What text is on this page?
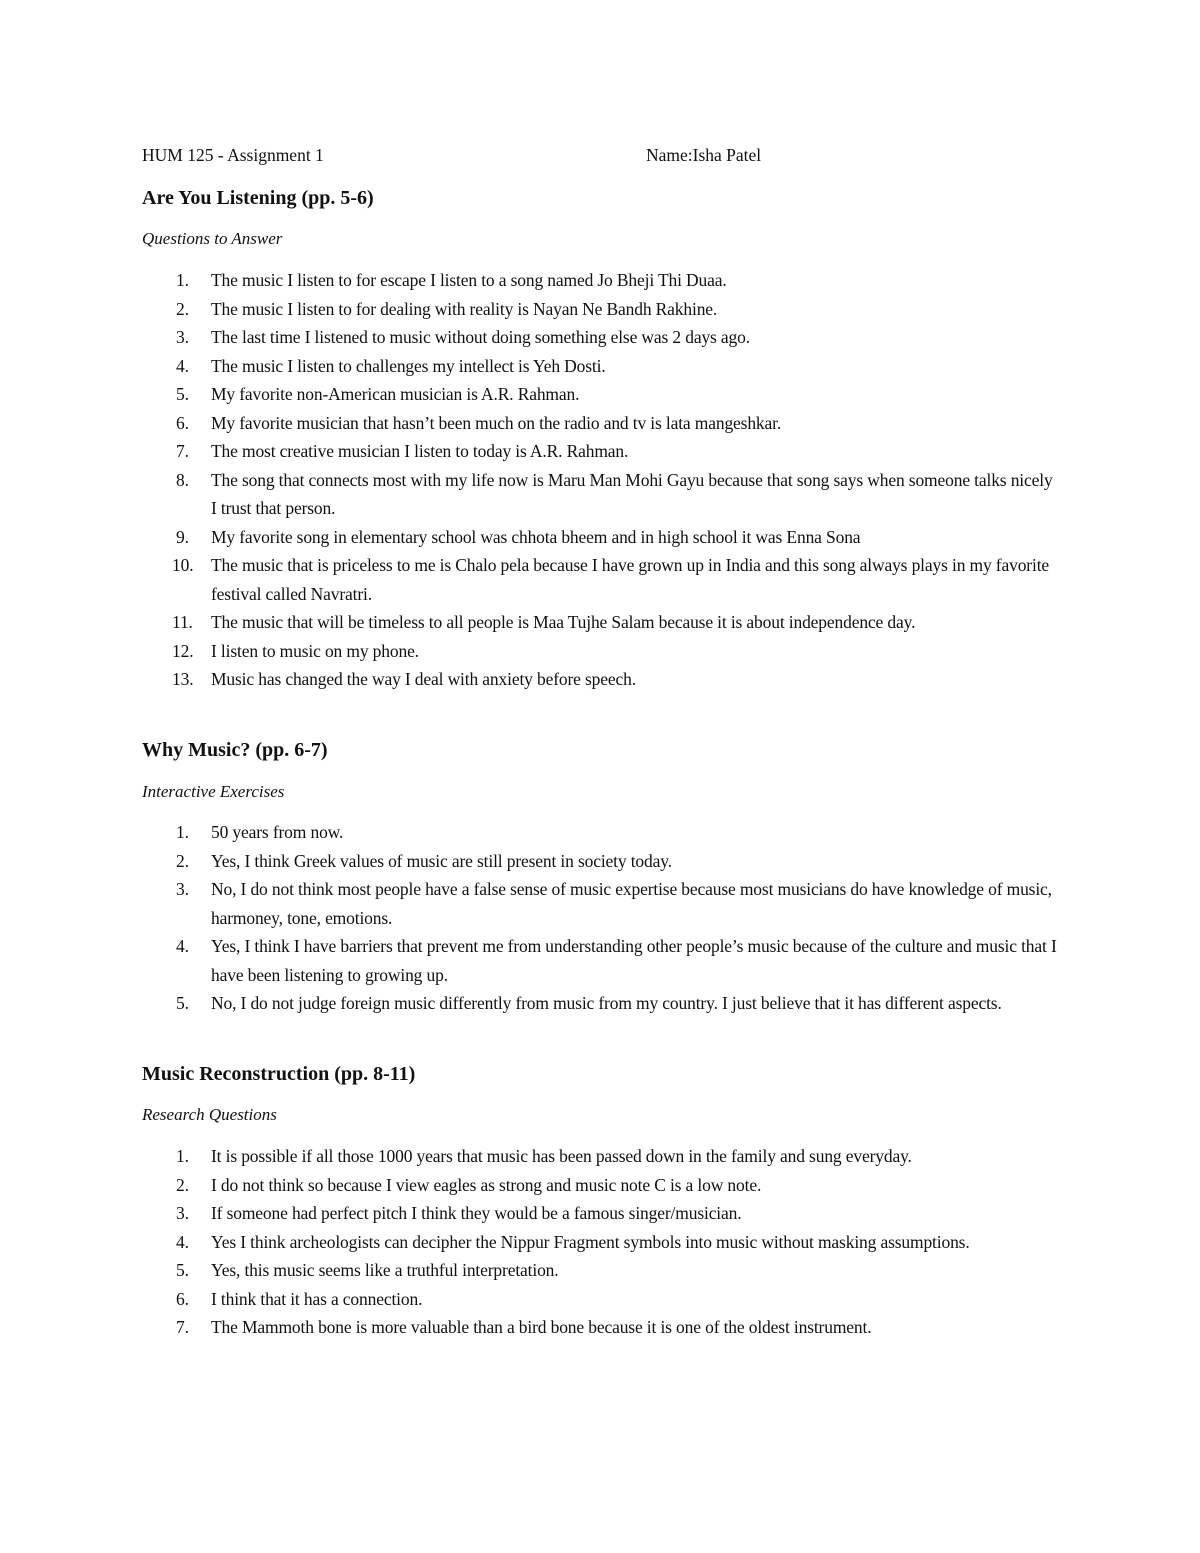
HUM 125 - Assignment 1	Name:Isha Patel
Are You Listening (pp. 5-6)
Questions to Answer
1. The music I listen to for escape I listen to a song named Jo Bheji Thi Duaa.
2. The music I listen to for dealing with reality is Nayan Ne Bandh Rakhine.
3. The last time I listened to music without doing something else was 2 days ago.
4. The music I listen to challenges my intellect is Yeh Dosti.
5. My favorite non-American musician is A.R. Rahman.
6. My favorite musician that hasn’t been much on the radio and tv is lata mangeshkar.
7. The most creative musician I listen to today is A.R. Rahman.
8. The song that connects most with my life now is Maru Man Mohi Gayu because that song says when someone talks nicely I trust that person.
9. My favorite song in elementary school was chhota bheem and in high school it was Enna Sona
10. The music that is priceless to me is Chalo pela because I have grown up in India and this song always plays in my favorite festival called Navratri.
11. The music that will be timeless to all people is Maa Tujhe Salam because it is about independence day.
12. I listen to music on my phone.
13. Music has changed the way I deal with anxiety before speech.
Why Music? (pp. 6-7)
Interactive Exercises
1. 50 years from now.
2. Yes, I think Greek values of music are still present in society today.
3. No, I do not think most people have a false sense of music expertise because most musicians do have knowledge of music, harmoney, tone, emotions.
4. Yes, I think I have barriers that prevent me from understanding other people’s music because of the culture and music that I have been listening to growing up.
5. No, I do not judge foreign music differently from music from my country. I just believe that it has different aspects.
Music Reconstruction (pp. 8-11)
Research Questions
1. It is possible if all those 1000 years that music has been passed down in the family and sung everyday.
2. I do not think so because I view eagles as strong and music note C is a low note.
3. If someone had perfect pitch I think they would be a famous singer/musician.
4. Yes I think archeologists can decipher the Nippur Fragment symbols into music without masking assumptions.
5. Yes, this music seems like a truthful interpretation.
6. I think that it has a connection.
7. The Mammoth bone is more valuable than a bird bone because it is one of the oldest instrument.
